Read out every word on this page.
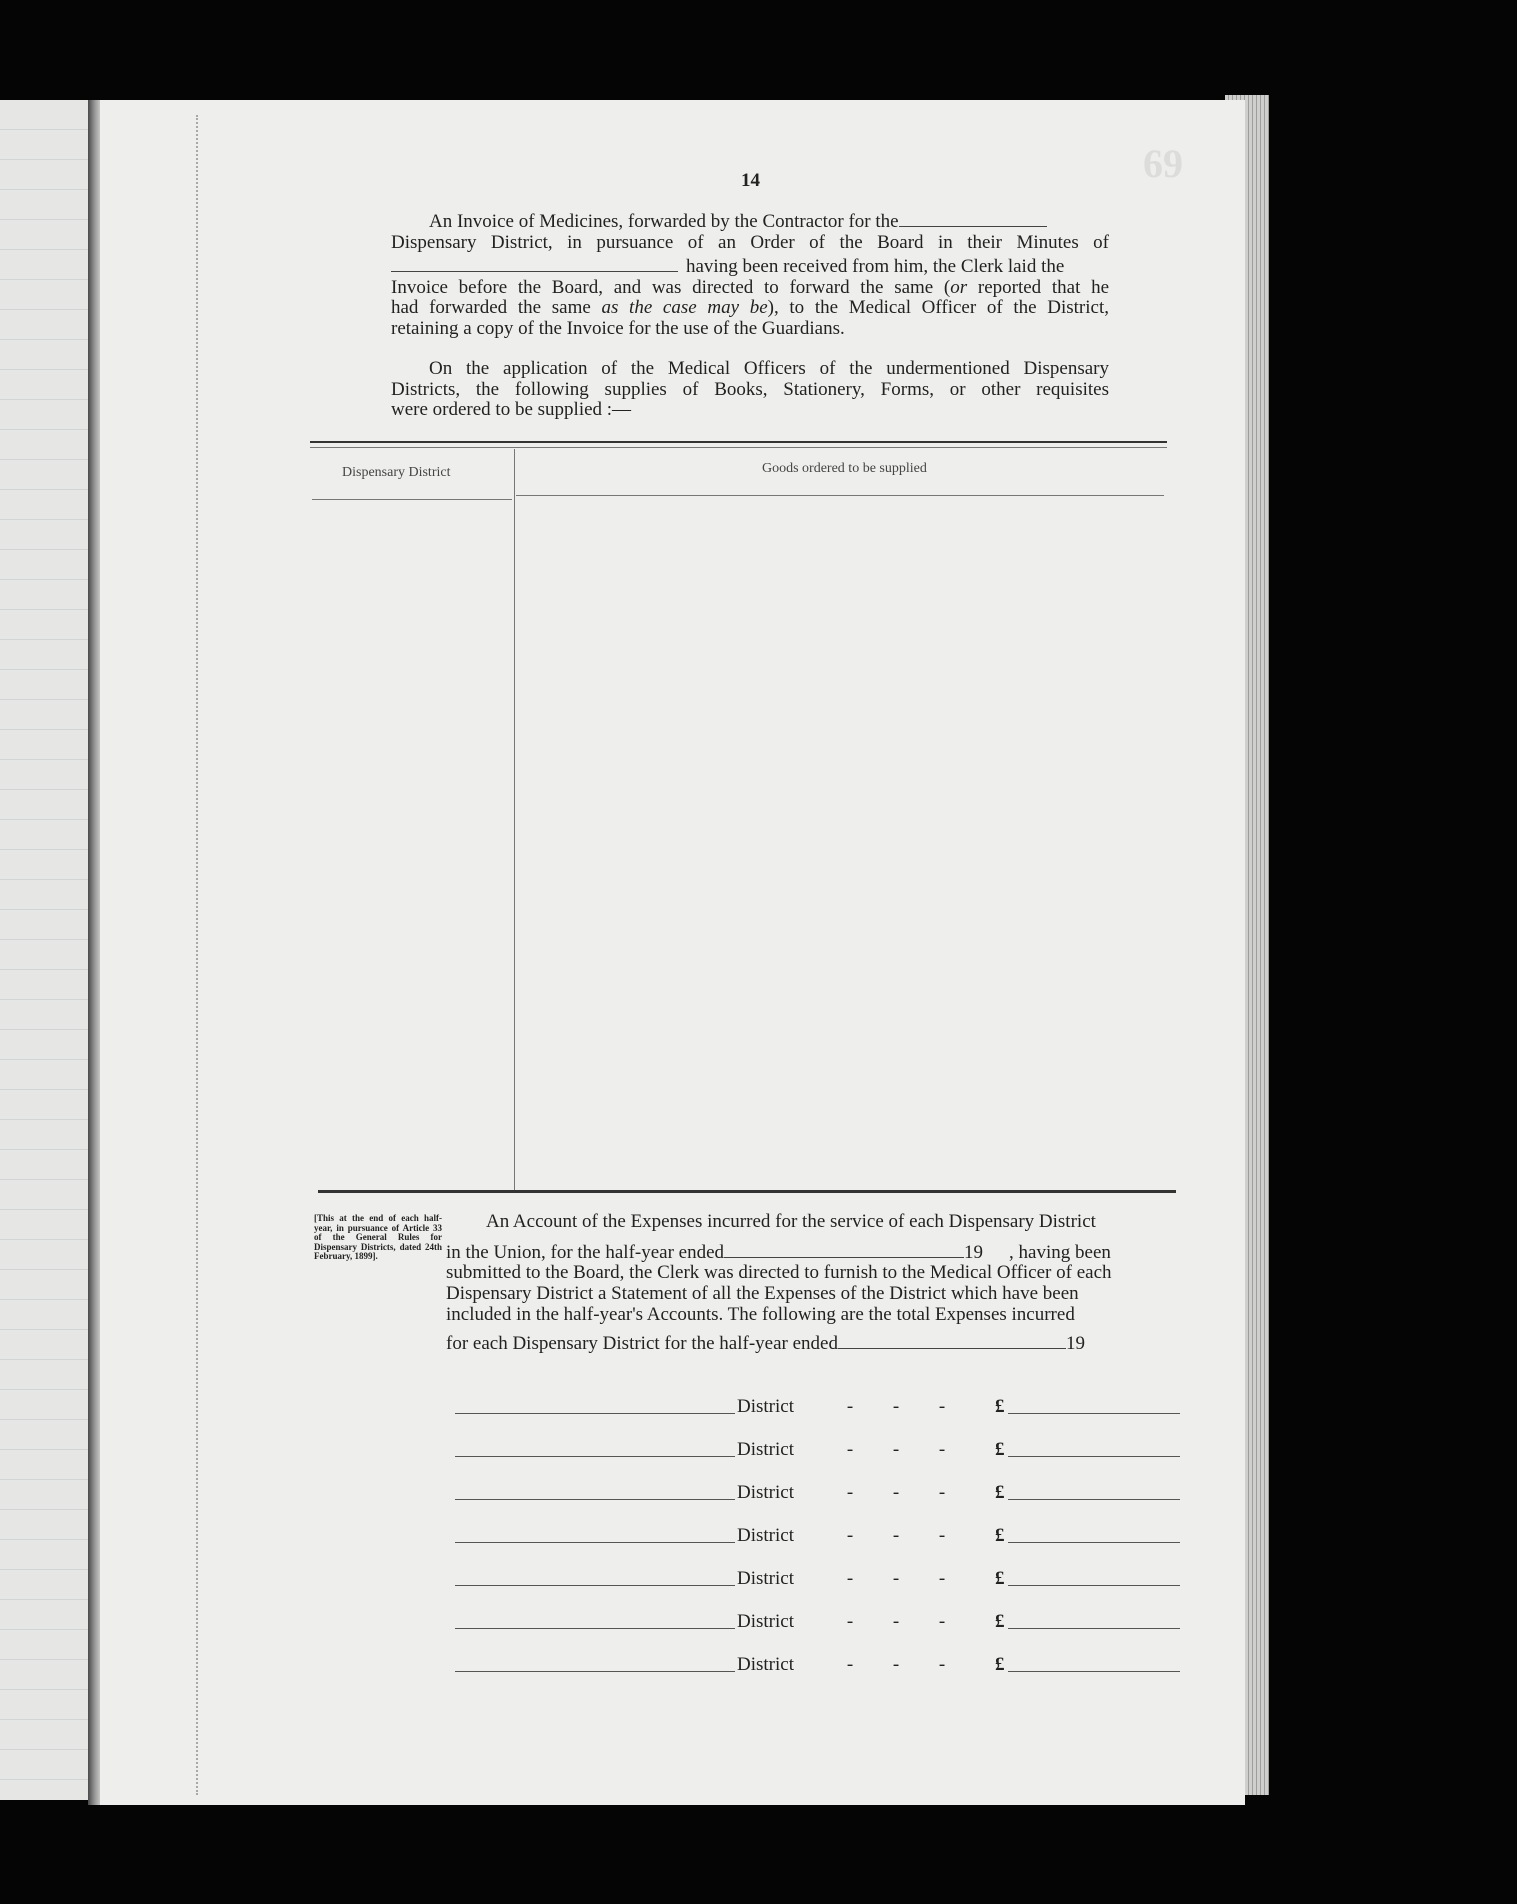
69
14

An Invoice of Medicines, forwarded by the Contractor for the

Dispensary District, in pursuance of an Order of the Board in their Minutes of

having been received from him, the Clerk laid the

Invoice before the Board, and was directed to forward the same (or reported that he

had forwarded the same as the case may be), to the Medical Officer of the District,

retaining a copy of the Invoice for the use of the Guardians.

On the application of the Medical Officers of the undermentioned Dispensary

Districts, the following supplies of Books, Stationery, Forms, or other requisites

were ordered to be supplied :—

Dispensary District	Goods ordered to be supplied
[This at the end of each half-year, in pursuance of Article 33 of the General Rules for Dispensary Districts, dated 24th February, 1899].
An Account of the Expenses incurred for the service of each Dispensary District
in the Union, for the half-year ended	19 , having been
submitted to the Board, the Clerk was directed to furnish to the Medical Officer of each
Dispensary District a Statement of all the Expenses of the District which have been
included in the half-year's Accounts. The following are the total Expenses incurred
for each Dispensary District for the half-year ended	19
District	-	-	-	£
District	-	-	-	£
District	-	-	-	£
District	-	-	-	£
District	-	-	-	£
District	-	-	-	£
District	-	-	-	£
